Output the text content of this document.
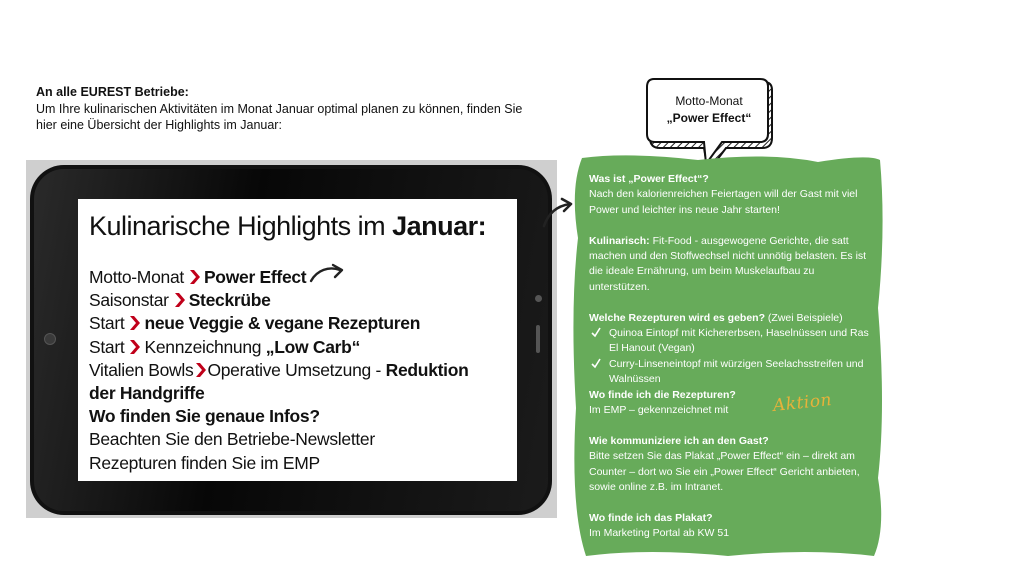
An alle EUREST Betriebe:
Um Ihre kulinarischen Aktivitäten im Monat Januar optimal planen zu können, finden Sie hier eine Übersicht der Highlights im Januar:
Kulinarische Highlights im Januar:
Motto-Monat Power Effect
Saisonstar Steckrübe
Start neue Veggie & vegane Rezepturen
Start Kennzeichnung „Low Carb“
Vitalien Bowls Operative Umsetzung - Reduktion
der Handgriffe
Wo finden Sie genaue Infos?
Beachten Sie den Betriebe-Newsletter
Rezepturen finden Sie im EMP
Motto-Monat
„Power Effect“

Was ist „Power Effect“?

Nach den kalorienreichen Feiertagen will der Gast mit viel Power und leichter ins neue Jahr starten!

Kulinarisch: Fit-Food - ausgewogene Gerichte, die satt machen und den Stoffwechsel nicht unnötig belasten. Es ist die ideale Ernährung, um beim Muskelaufbau zu unterstützen.

Welche Rezepturen wird es geben? (Zwei Beispiele)

Quinoa Eintopf mit Kichererbsen, Haselnüssen und Ras El Hanout (Vegan)
Curry-Linseneintopf mit würzigen Seelachsstreifen und Walnüssen

Wo finde ich die Rezepturen?

Im EMP – gekennzeichnet mit

Wie kommuniziere ich an den Gast?

Bitte setzen Sie das Plakat „Power Effect“ ein – direkt am Counter – dort wo Sie ein „Power Effect“ Gericht anbieten, sowie online z.B. im Intranet.

Wo finde ich das Plakat?

Im Marketing Portal ab KW 51

Aktion
